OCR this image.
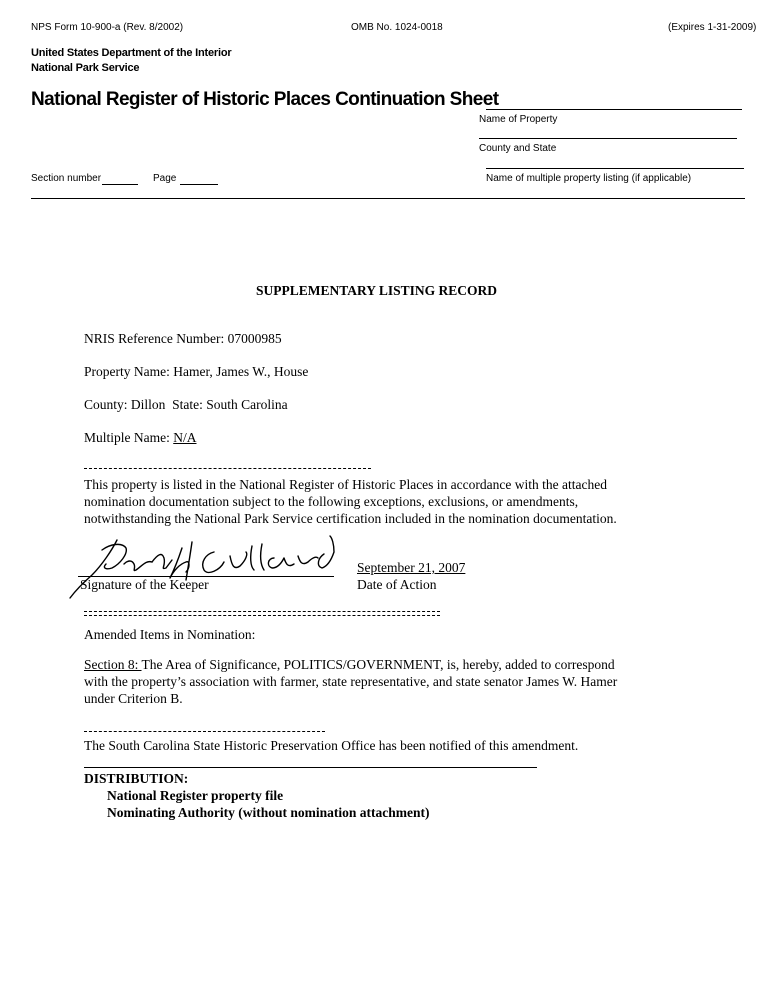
NPS Form 10-900-a (Rev. 8/2002)	OMB No. 1024-0018	(Expires 1-31-2009)
United States Department of the Interior
National Park Service
National Register of Historic Places Continuation Sheet
Name of Property
County and State
Name of multiple property listing (if applicable)
Section number	Page
SUPPLEMENTARY LISTING RECORD
NRIS Reference Number: 07000985
Property Name: Hamer, James W., House
County: Dillon State: South Carolina
Multiple Name: N/A
This property is listed in the National Register of Historic Places in accordance with the attached
nomination documentation subject to the following exceptions, exclusions, or amendments,
notwithstanding the National Park Service certification included in the nomination documentation.
Signature of the Keeper
September 21, 2007
Date of Action
Amended Items in Nomination:
Section 8: The Area of Significance, POLITICS/GOVERNMENT, is, hereby, added to correspond
with the property’s association with farmer, state representative, and state senator James W. Hamer
under Criterion B.
The South Carolina State Historic Preservation Office has been notified of this amendment.
DISTRIBUTION:
National Register property file
Nominating Authority (without nomination attachment)
